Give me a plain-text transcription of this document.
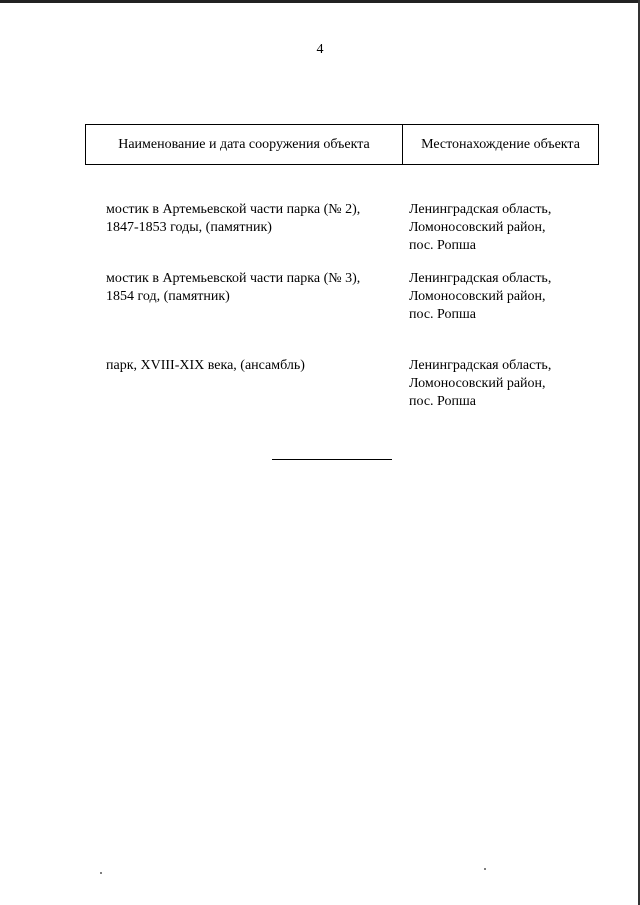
4
Наименование и дата сооружения объекта	Местонахождение объекта
мостик в Артемьевской части парка (№ 2),
1847-1853 годы, (памятник)
Ленинградская область,
Ломоносовский район,
пос. Ропша
мостик в Артемьевской части парка (№ 3),
1854 год, (памятник)
Ленинградская область,
Ломоносовский район,
пос. Ропша
парк, XVIII-XIX века, (ансамбль)	Ленинградская область,
Ломоносовский район,
пос. Ропша
